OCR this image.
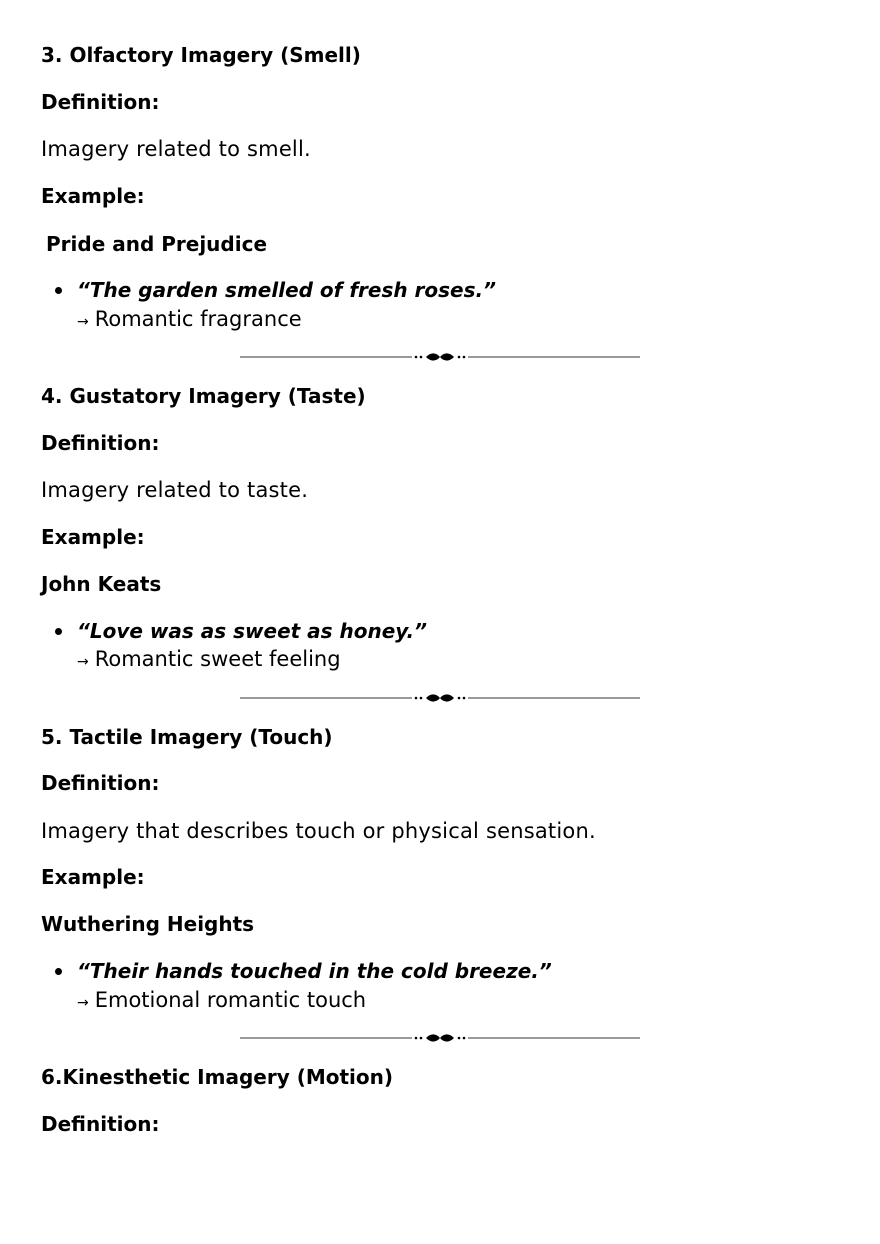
3. Olfactory Imagery (Smell)

Definition:

Imagery related to smell.

Example:

Pride and Prejudice

“The garden smelled of fresh roses.”

→ Romantic fragrance

4. Gustatory Imagery (Taste)

Definition:

Imagery related to taste.

Example:

John Keats

“Love was as sweet as honey.”

→ Romantic sweet feeling

5. Tactile Imagery (Touch)

Definition:

Imagery that describes touch or physical sensation.

Example:

Wuthering Heights

“Their hands touched in the cold breeze.”

→ Emotional romantic touch

6.Kinesthetic Imagery (Motion)

Definition:
